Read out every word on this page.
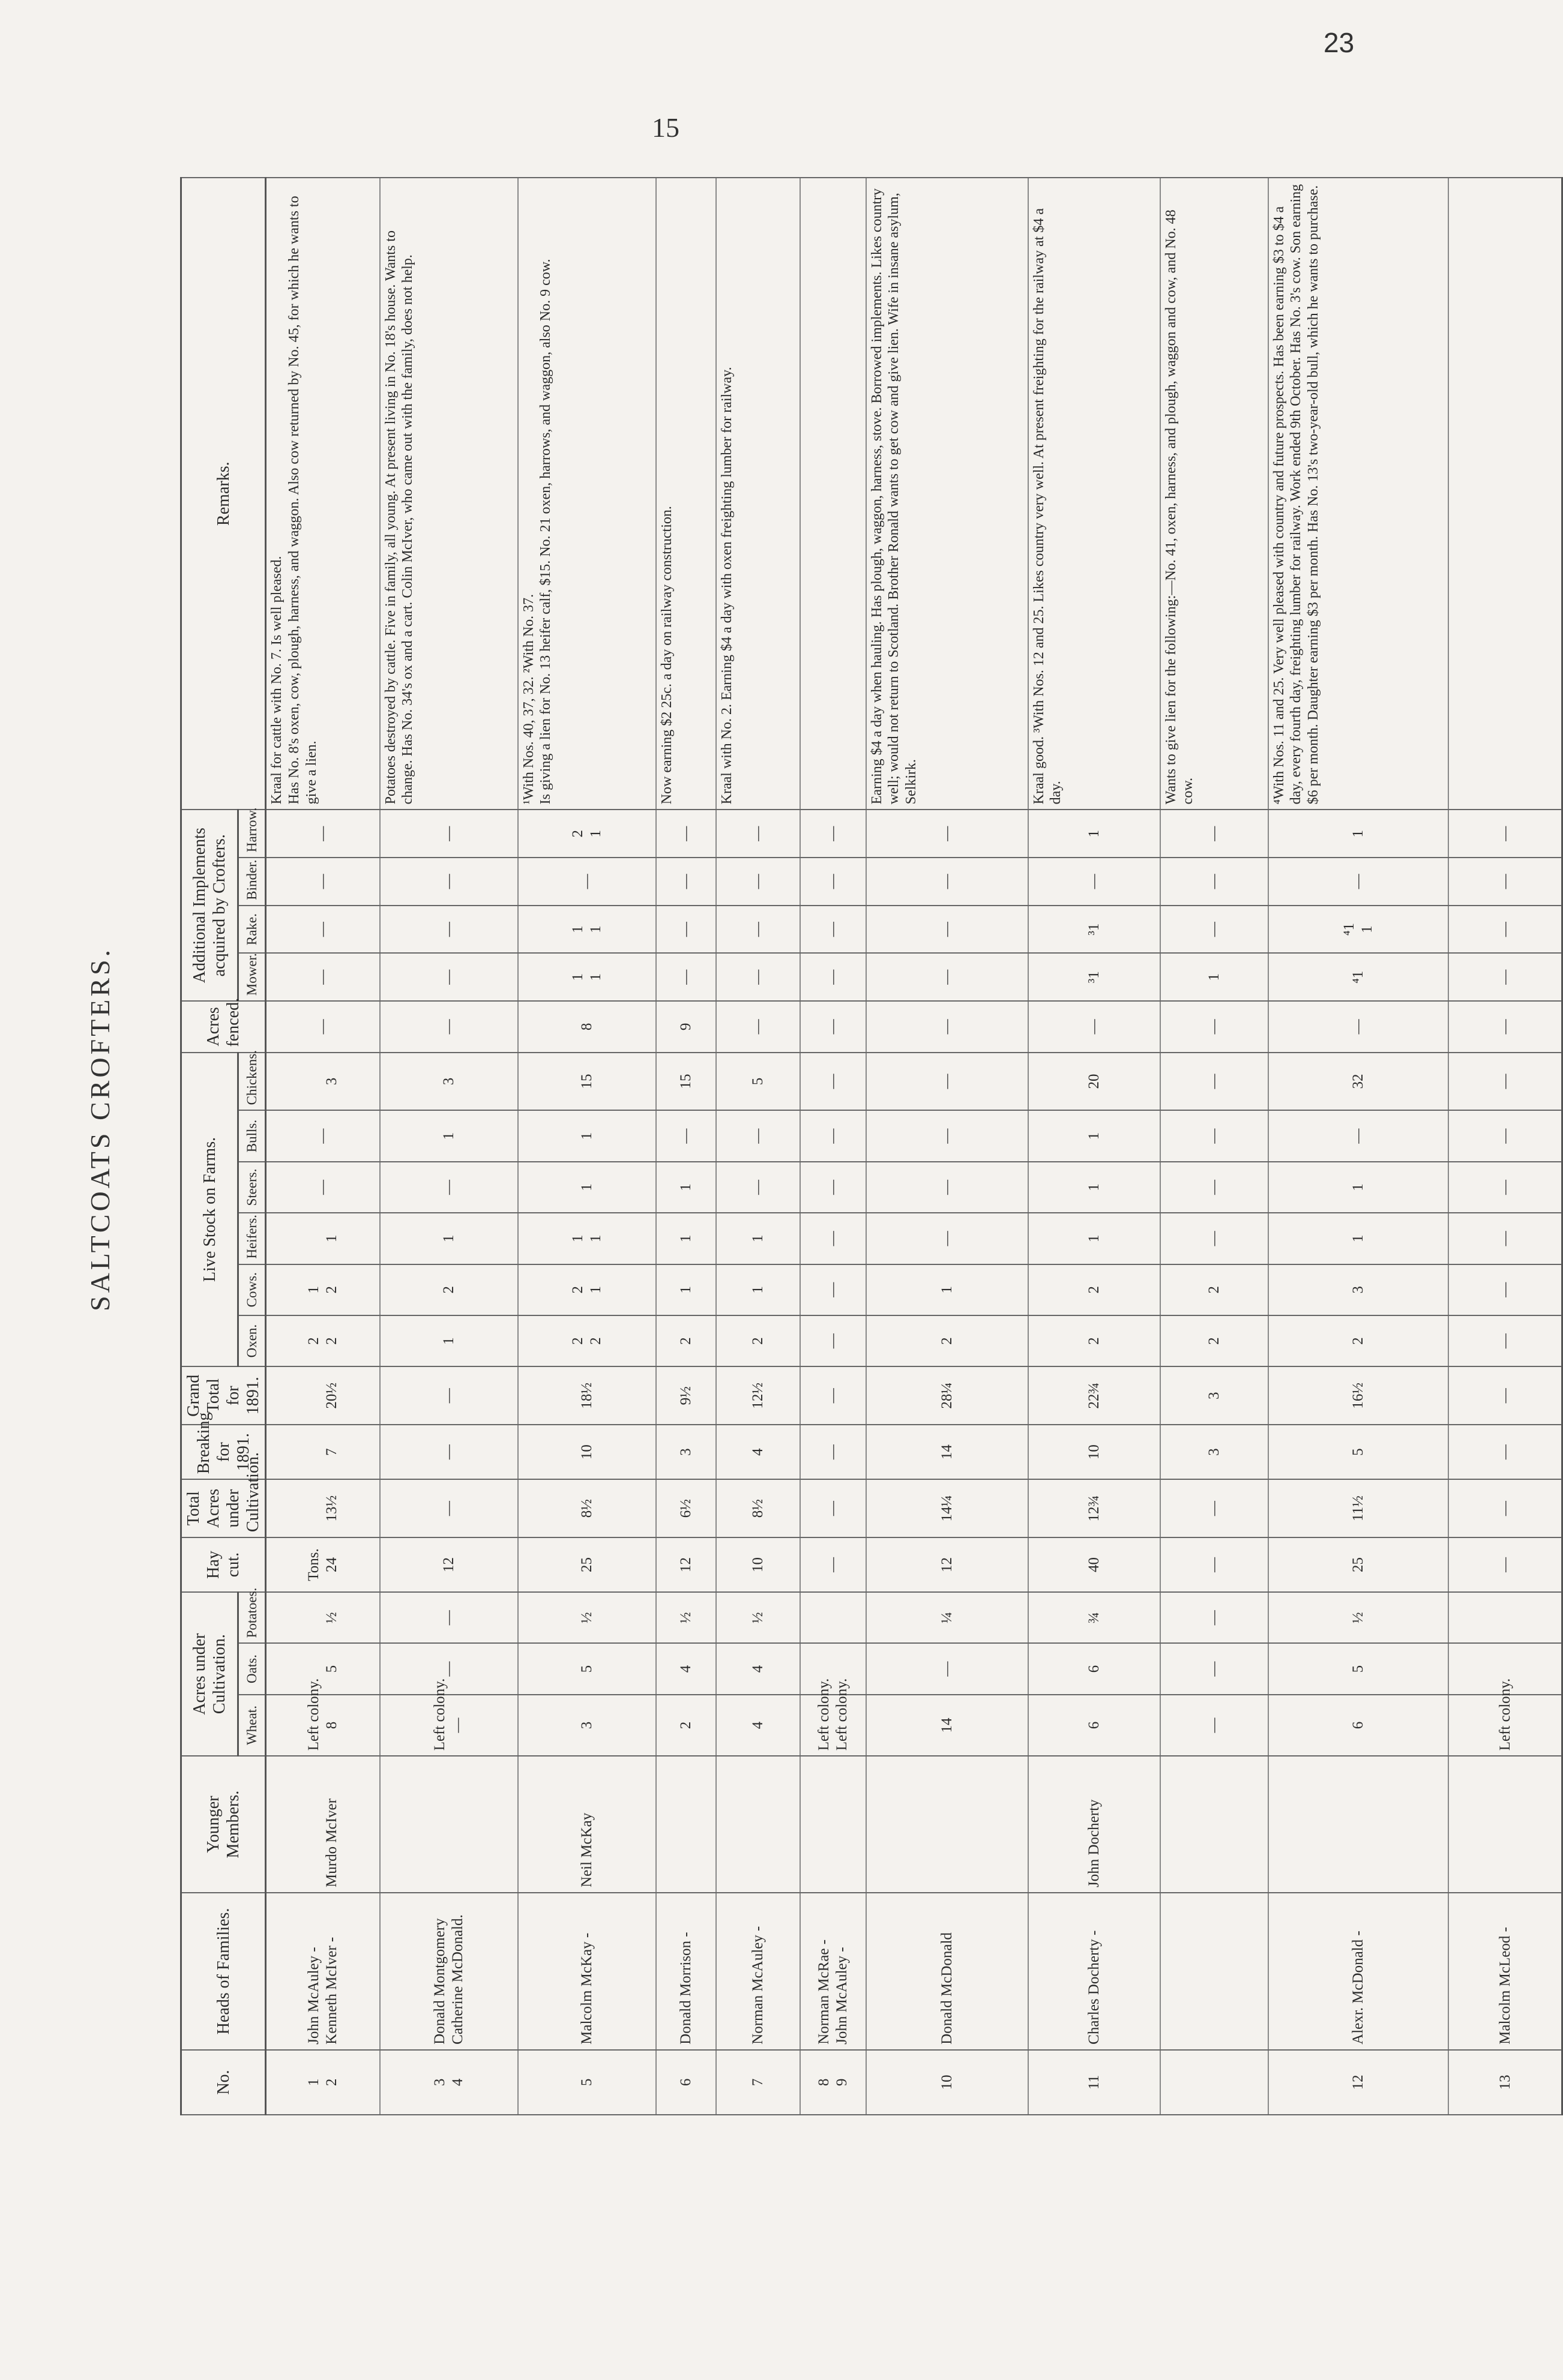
23
15
SALTCOATS CROFTERS.
No.	Heads of Families.	Younger Members.	Acres under Cultivation.			Hay cut.	Total Acres under Cultivation.	Breaking for 1891.	Grand Total for 1891.	Live Stock on Farms.						Acres fenced.	Additional Implements acquired by Crofters.				Remarks.
			Wheat.	Oats.	Potatoes.					Oxen.	Cows.	Heifers.	Steers.	Bulls.	Chickens.		Mower.	Rake.	Binder.	Harrow.	

1 2	John McAuley - Kenneth McIver -	Murdo McIver	Left colony. 8	5	½	Tons. 24	13½	7	20½	2 2	1 2	1	—	—	3	—	—	—	—	—	Kraal for cattle with No. 7. Is well pleased. Has No. 8's oxen, cow, plough, harness, and waggon. Also cow returned by No. 45, for which he wants to give a lien.

3 4	Donald Montgomery Catherine McDonald.		Left colony. —	—	—	12	—	—	—	1	2	1	—	1	3	—	—	—	—	—	Potatoes destroyed by cattle. Five in family, all young. At present living in No. 18's house. Wants to change. Has No. 34's ox and a cart. Colin McIver, who came out with the family, does not help.

5	Malcolm McKay -	Neil McKay	3	5	½	25	8½	10	18½	2 2	2 1	1 1	1	1	15	8	1 1	1 1	—	2 1	¹With Nos. 40, 37, 32. ²With No. 37. Is giving a lien for No. 13 heifer calf, $15. No. 21 oxen, harrows, and waggon, also No. 9 cow.

6	Donald Morrison -		2	4	½	12	6½	3	9½	2	1	1	1	—	15	9	—	—	—	—	Now earning $2 25c. a day on railway construction.

7	Norman McAuley -		4	4	½	10	8½	4	12½	2	1	1	—	—	5	—	—	—	—	—	Kraal with No. 2. Earning $4 a day with oxen freighting lumber for railway.

8 9	Norman McRae - John McAuley -		Left colony. Left colony.			—	—	—	—	—	—	—	—	—	—	—	—	—	—	—	

10	Donald McDonald		14	—	¼	12	14¼	14	28¼	2	1	—	—	—	—	—	—	—	—	—	Earning $4 a day when hauling. Has plough, waggon, harness, stove. Borrowed implements. Likes country well; would not return to Scotland. Brother Ronald wants to get cow and give lien. Wife in insane asylum, Selkirk.

11	Charles Docherty -	John Docherty	6	6	¾	40	12¾	10	22¾	2	2	1	1	1	20	—	³1	³1	—	1	Kraal good. ³With Nos. 12 and 25. Likes country very well. At present freighting for the railway at $4 a day.

			—	—	—	—	—	3	3	2	2	—	—	—	—	—	1	—	—	—	Wants to give lien for the following:—No. 41, oxen, harness, and plough, waggon and cow, and No. 48 cow.

12	Alexr. McDonald -		6	5	½	25	11½	5	16½	2	3	1	1	—	32	—	⁴1	⁴1 1	—	1	⁴With Nos. 11 and 25. Very well pleased with country and future prospects. Has been earning $3 to $4 a day, every fourth day, freighting lumber for railway. Work ended 9th October. Has No. 3's cow. Son earning $6 per month. Daughter earning $3 per month. Has No. 13's two-year-old bull, which he wants to purchase.

13	Malcolm McLeod -		Left colony.			—	—	—	—	—	—	—	—	—	—	—	—	—	—	—	
